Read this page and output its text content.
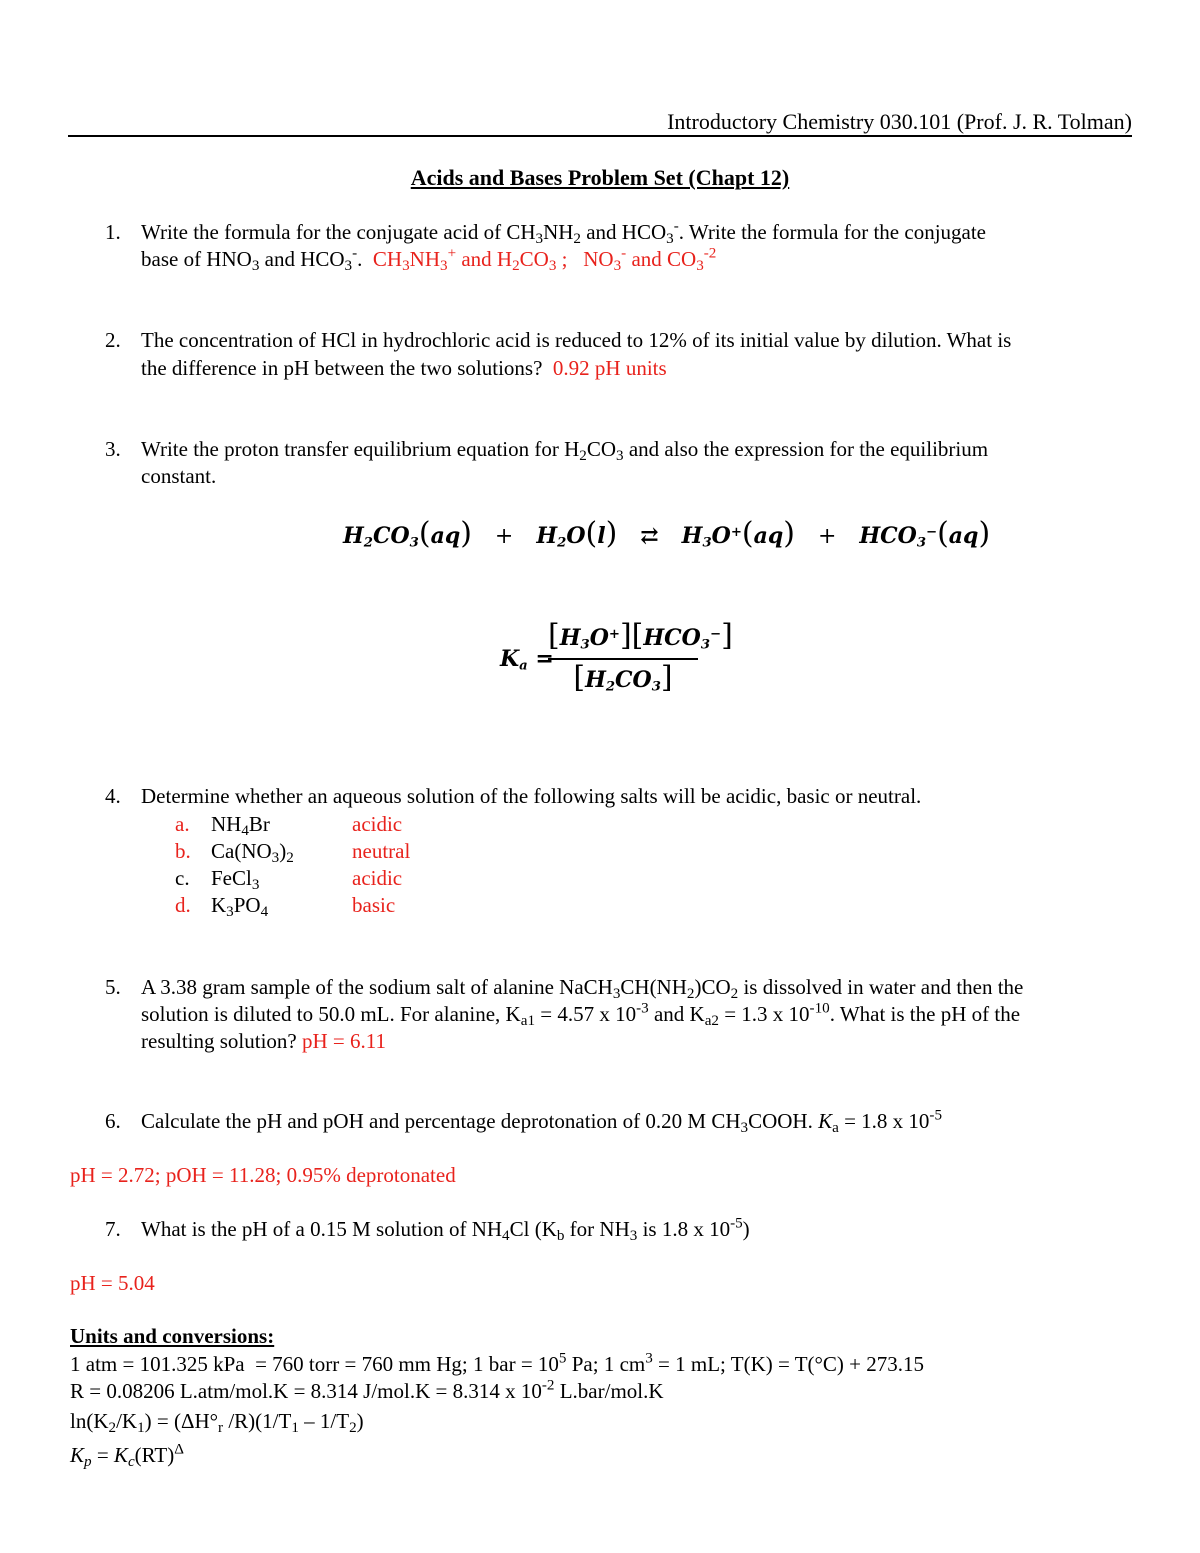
Introductory Chemistry 030.101 (Prof. J. R. Tolman)
Acids and Bases Problem Set (Chapt 12)
1. Write the formula for the conjugate acid of $CH_3NH_2$ and $HCO_3^-$. Write the formula for the conjugate
base of $HNO_3$ and $HCO_3^-$. $CH_3NH_3^+$ and $H_2CO_3$ ;   $NO_3^-$ and $CO_3^{-2}$
2. The concentration of HCl in hydrochloric acid is reduced to 12% of its initial value by dilution. What is
the difference in pH between the two solutions? 0.92 pH units
3. Write the proton transfer equilibrium equation for $H_2CO_3$ and also the expression for the equilibrium
constant.
$H_2CO_3(aq) + H_2O(l)$ ⇄   $H_3O^+(aq) + HCO_3^-(aq)$
$K_a$ =
$[H_3O^+][HCO_3^-]$
$[H_2CO_3]$
4. Determine whether an aqueous solution of the following salts will be acidic, basic or neutral.
a. $NH_4Br$	acidic
b. $Ca(NO_3)_2$	neutral
c. FeCl$_3$	acidic
d. $K_3PO_4$	basic
5. A 3.38 gram sample of the sodium salt of alanine $NaCH_3CH(NH_2)CO_2$ is dissolved in water and then the
solution is diluted to 50.0 mL. For alanine, $K_{a1} = 4.57$ x $10^{-3}$ and $K_{a2} = 1.3$ x $10^{-10}$. What is the pH of the
resulting solution? pH = 6.11
6. Calculate the pH and pOH and percentage deprotonation of 0.20 M $CH_3COOH$. $K_a = 1.8$ x $10^{-5}$
pH = 2.72; pOH = 11.28; 0.95% deprotonated
7. What is the pH of a 0.15 M solution of $NH_4Cl$ ($K_b$ for $NH_3$ is 1.8 x $10^{-5}$)
pH = 5.04
Units and conversions:
1 atm = 101.325 kPa  = 760 torr = 760 mm Hg; 1 bar = $10^5$ Pa; 1 $cm^3 = 1$ mL; T(K) = T(°C) + 273.15
R = 0.08206 L.atm/mol.K = 8.314 J/mol.K = 8.314 x $10^{-2}$ L.bar/mol.K
$\ln(K_2/K_1) = (\Delta H^\circ_r$ $/R)(1/T_1 - 1/T_2)$
$K_p = K_c(RT)^\Delta$
